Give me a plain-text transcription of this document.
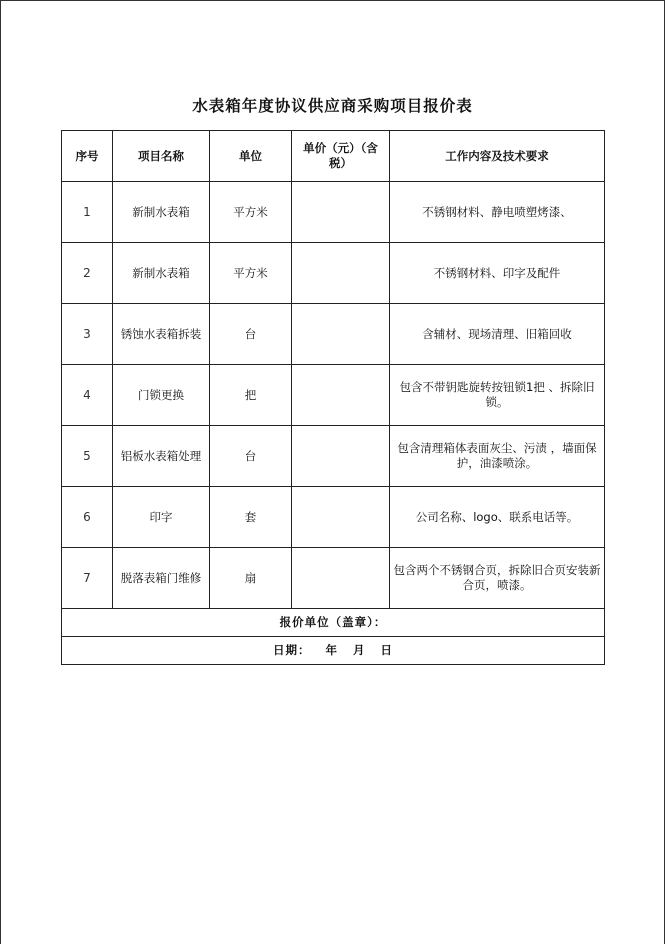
水表箱年度协议供应商采购项目报价表
序号	项目名称	单位	单价（元）（含税）	工作内容及技术要求
1	新制水表箱	平方米		不锈钢材料、静电喷塑烤漆、
2	新制水表箱	平方米		不锈钢材料、印字及配件
3	锈蚀水表箱拆装	台		含辅材、现场清理、旧箱回收
4	门锁更换	把		包含不带钥匙旋转按钮锁1把 、拆除旧锁。
5	铝板水表箱处理	台		包含清理箱体表面灰尘、污渍 ，墙面保护，油漆喷涂。
6	印字	套		公司名称、logo、联系电话等。
7	脱落表箱门维修	扇		包含两个不锈钢合页，拆除旧合页安装新合页，喷漆。
报价单位（盖章）：				
日期：   年   月   日				
